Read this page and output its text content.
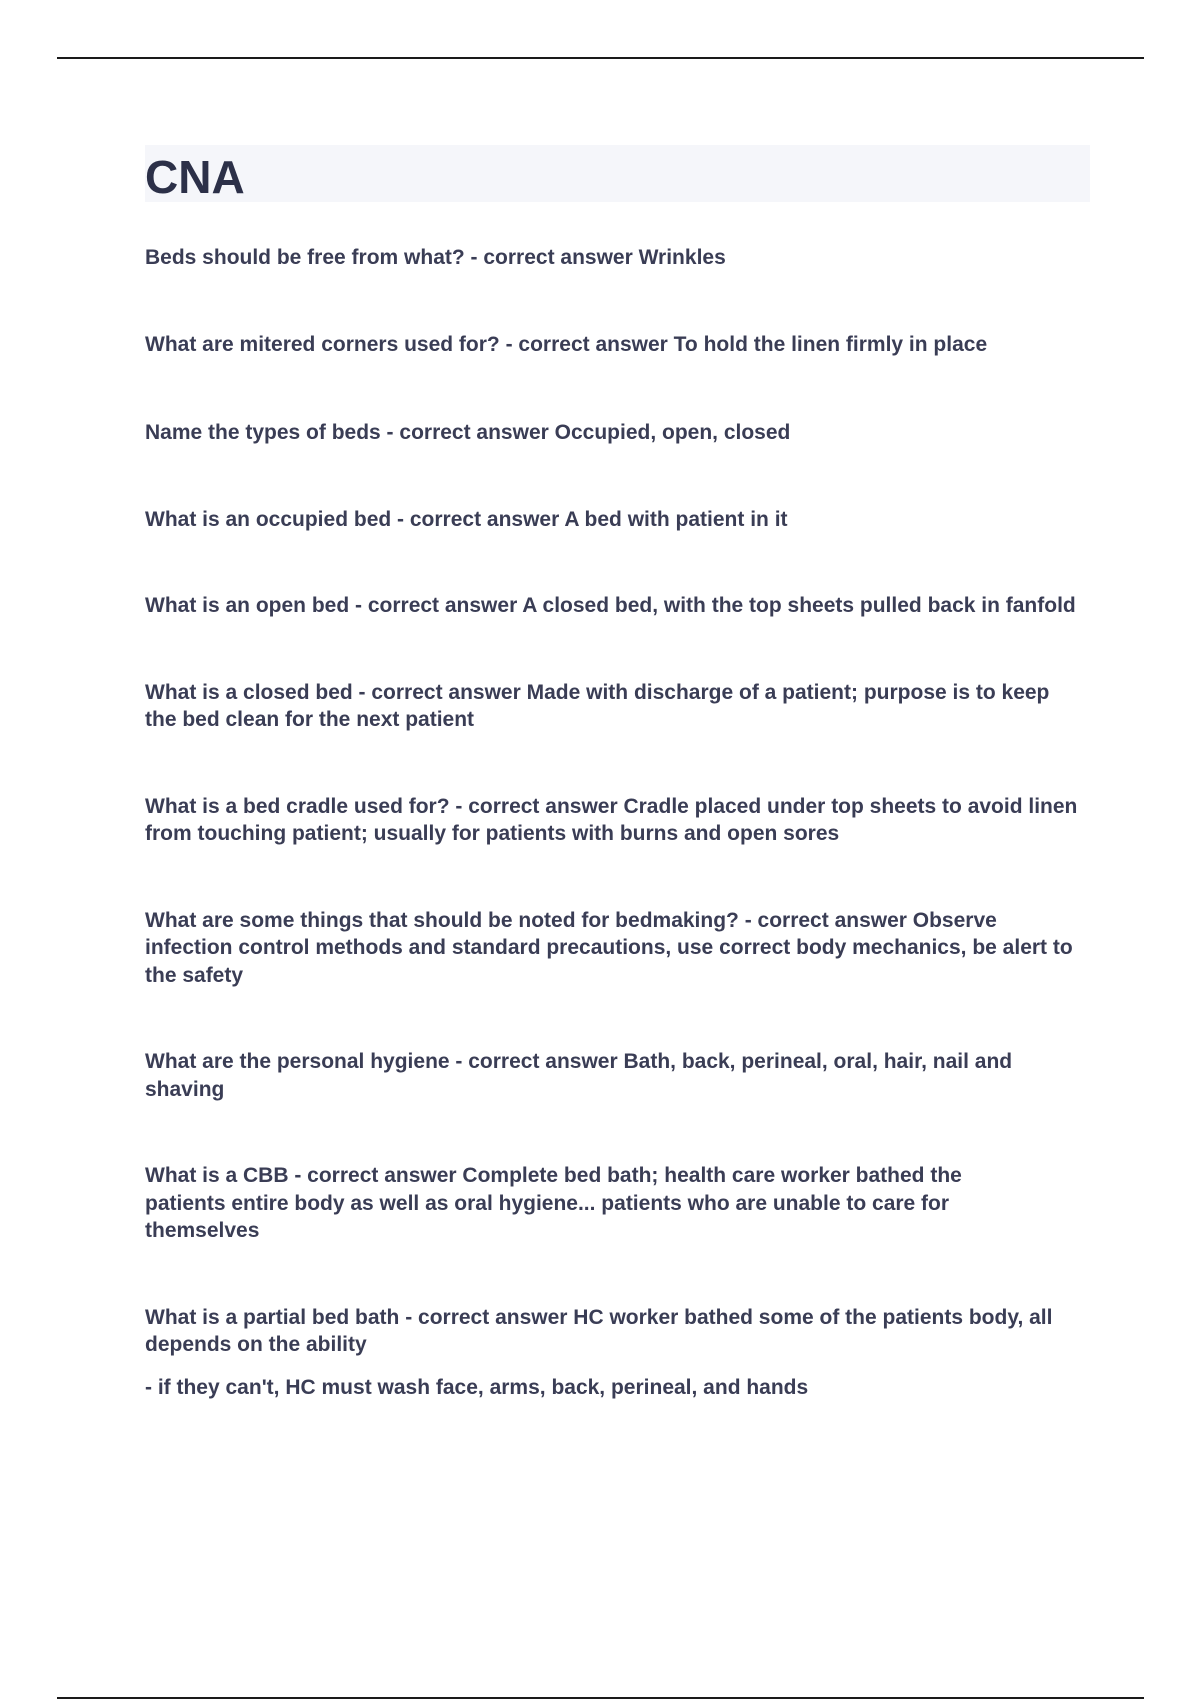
CNA

Beds should be free from what? - correct answer Wrinkles

What are mitered corners used for? - correct answer To hold the linen firmly in place

Name the types of beds - correct answer Occupied, open, closed

What is an occupied bed - correct answer A bed with patient in it

What is an open bed - correct answer A closed bed, with the top sheets pulled back in fanfold

What is a closed bed - correct answer Made with discharge of a patient; purpose is to keep the bed clean for the next patient

What is a bed cradle used for? - correct answer Cradle placed under top sheets to avoid linen from touching patient; usually for patients with burns and open sores

What are some things that should be noted for bedmaking? - correct answer Observe infection control methods and standard precautions, use correct body mechanics, be alert to the safety

What are the personal hygiene - correct answer Bath, back, perineal, oral, hair, nail and shaving

What is a CBB - correct answer Complete bed bath; health care worker bathed the patients entire body as well as oral hygiene... patients who are unable to care for themselves

What is a partial bed bath - correct answer HC worker bathed some of the patients body, all depends on the ability

- if they can't, HC must wash face, arms, back, perineal, and hands
